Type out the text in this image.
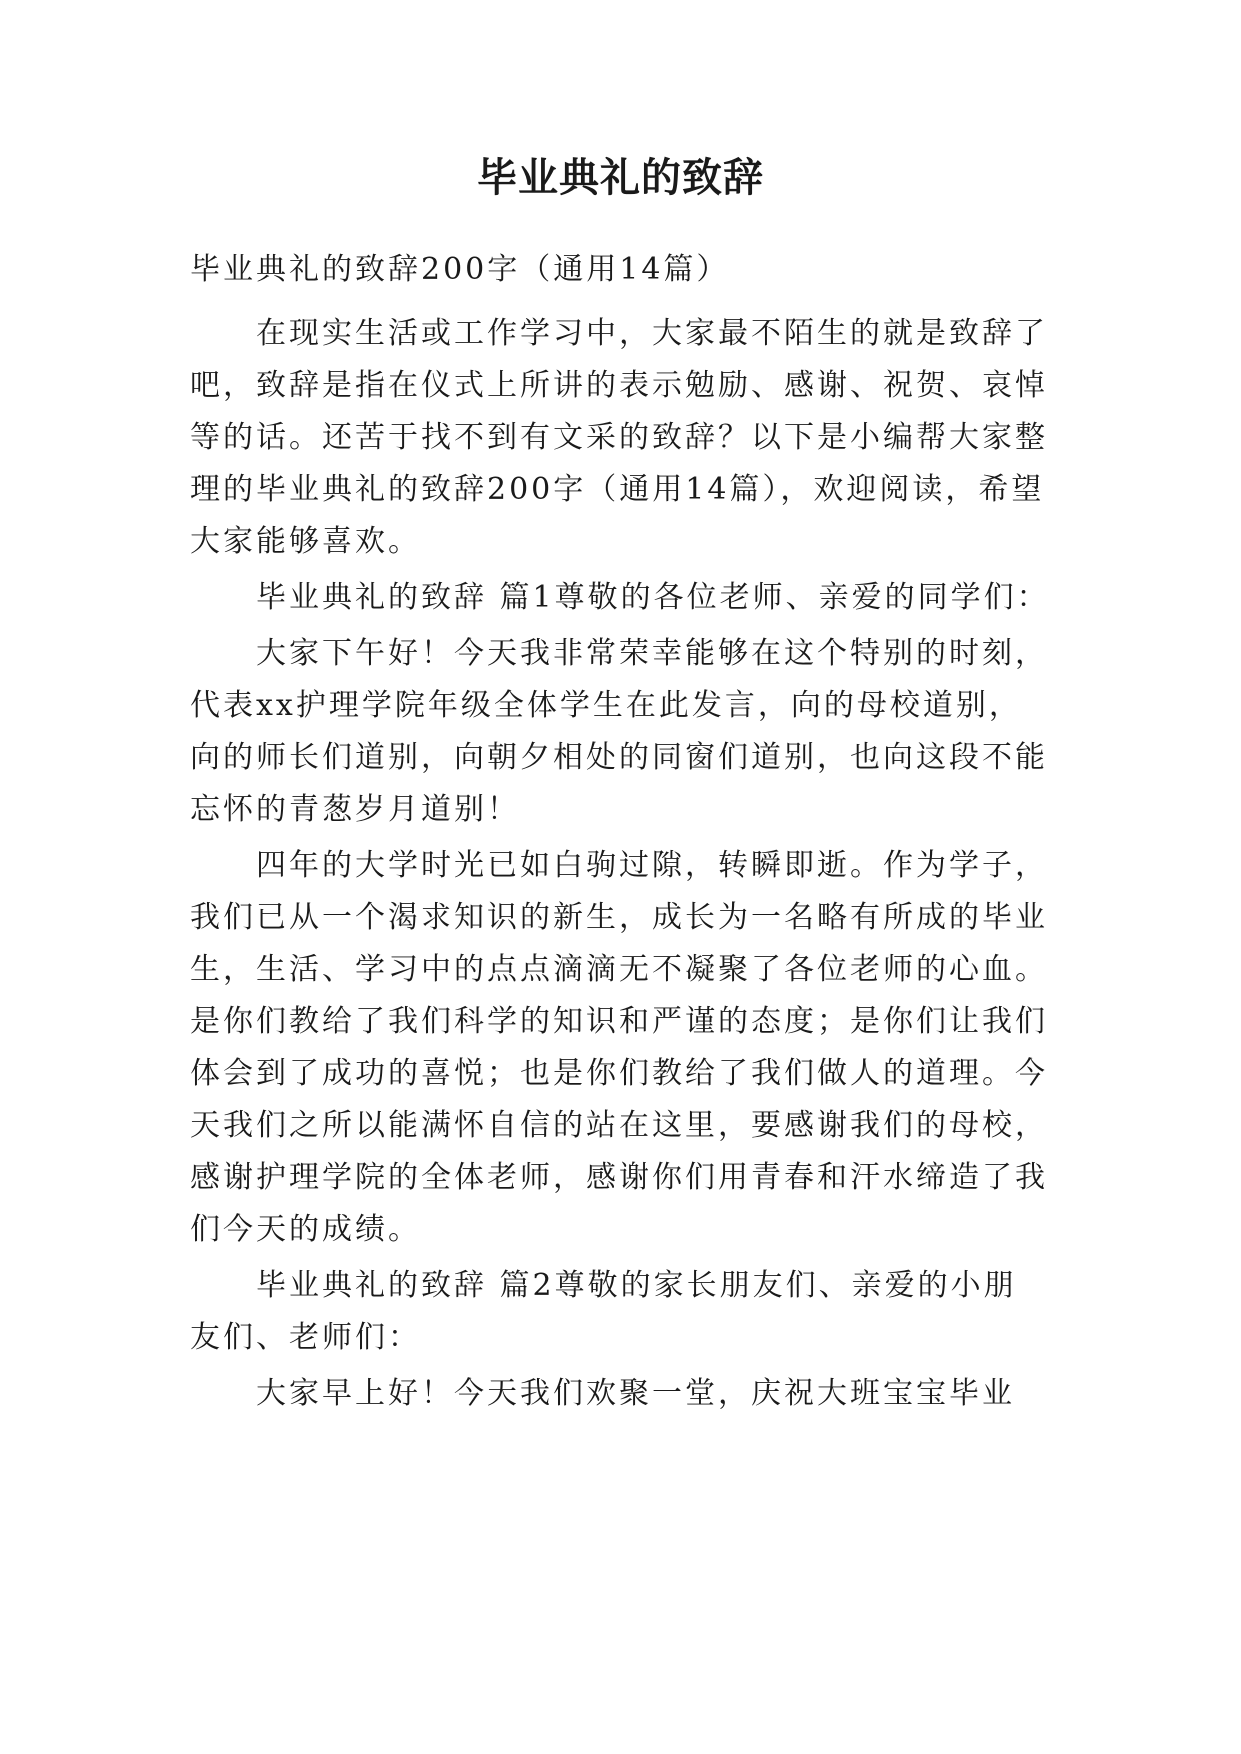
毕业典礼的致辞
毕业典礼的致辞200字（通用14篇）
在现实生活或工作学习中，大家最不陌生的就是致辞了
吧，致辞是指在仪式上所讲的表示勉励、感谢、祝贺、哀悼
等的话。还苦于找不到有文采的致辞？以下是小编帮大家整
理的毕业典礼的致辞200字（通用14篇），欢迎阅读，希望
大家能够喜欢。
毕业典礼的致辞 篇1尊敬的各位老师、亲爱的同学们：
大家下午好！今天我非常荣幸能够在这个特别的时刻，
代表xx护理学院年级全体学生在此发言，向的母校道别，
向的师长们道别，向朝夕相处的同窗们道别，也向这段不能
忘怀的青葱岁月道别！
四年的大学时光已如白驹过隙，转瞬即逝。作为学子，
我们已从一个渴求知识的新生，成长为一名略有所成的毕业
生，生活、学习中的点点滴滴无不凝聚了各位老师的心血。
是你们教给了我们科学的知识和严谨的态度；是你们让我们
体会到了成功的喜悦；也是你们教给了我们做人的道理。今
天我们之所以能满怀自信的站在这里，要感谢我们的母校，
感谢护理学院的全体老师，感谢你们用青春和汗水缔造了我
们今天的成绩。
毕业典礼的致辞 篇2尊敬的家长朋友们、亲爱的小朋
友们、老师们：
大家早上好！今天我们欢聚一堂，庆祝大班宝宝毕业
